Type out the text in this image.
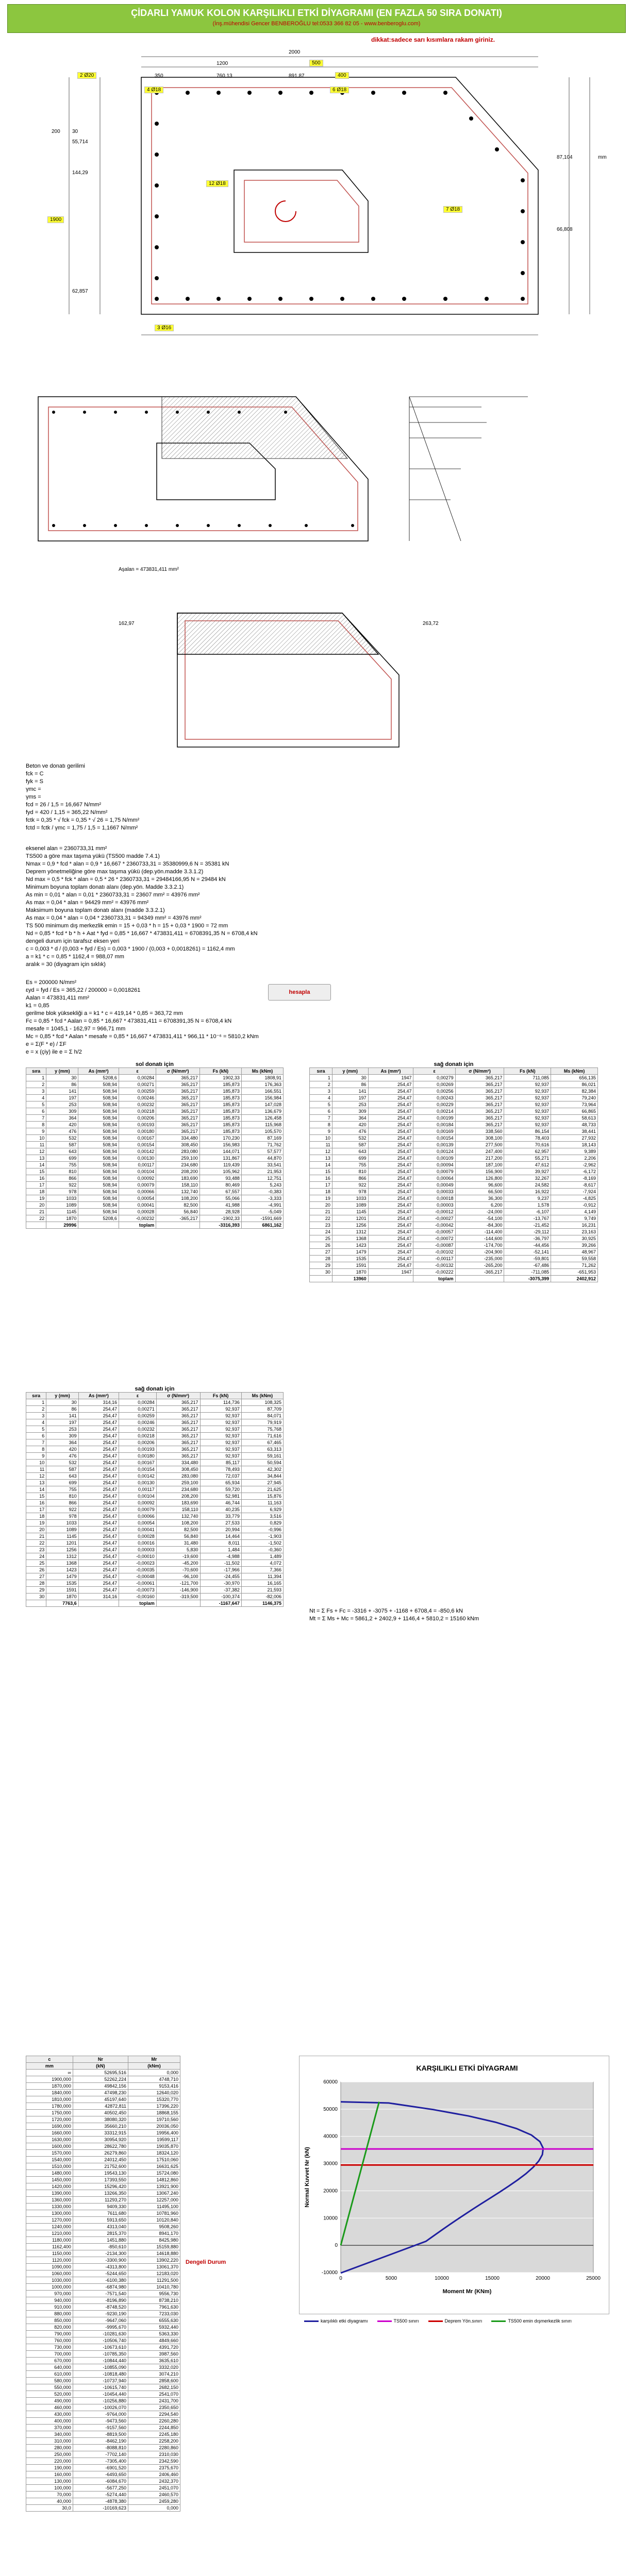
ÇİDARLI YAMUK KOLON KARŞILIKLI ETKİ DİYAGRAMI (EN FAZLA 50 SIRA DONATI)
(İnş.mühendisi Gencer BENBEROĞLU tel:0533 366 82 05 - www.benberoglu.com)
dikkat:sadece sarı kısımlara rakam giriniz.
2000
1200	500
350	760,13	891,87	400
2 Ø20
4 Ø18	6 Ø18
12 Ø18
7 Ø18
3 Ø16
200
1900
30
55,714
144,29
62,857
87,104
66,808
mm
Aşalan = 473831,411 mm²
162,97	263,72
Beton ve donatı gerilimi
fck = C
fyk = S
γmc =
γms =
fcd = 26 / 1,5 = 16,667 N/mm²
fyd = 420 / 1,15 = 365,22 N/mm²
fctk = 0,35 * √ fck = 0,35 * √ 26 = 1,75 N/mm²
fctd = fctk / γmc = 1,75 / 1,5 = 1,1667 N/mm²
eksenel alan = 2360733,31 mm²
TS500 a göre max taşıma yükü (TS500 madde 7.4.1)
Nmax = 0,9 * fcd * alan = 0,9 * 16,667 * 2360733,31 = 35380999,6 N = 35381 kN
Deprem yönetmeliğine göre max taşıma yükü (dep.yön.madde 3.3.1.2)
Nd max = 0,5 * fck * alan = 0,5 * 26 * 2360733,31 = 29484166,95 N = 29484 kN
Minimum boyuna toplam donatı alanı (dep.yön. Madde 3.3.2.1)
As min = 0,01 * alan = 0,01 * 2360733,31 = 23607 mm² = 43976 mm²
As max = 0,04 * alan = 94429 mm² = 43976 mm²
Maksimum boyuna toplam donatı alanı (madde 3.3.2.1)
As max = 0,04 * alan = 0,04 * 2360733,31 = 94349 mm² = 43976 mm²
TS 500 minimum dış merkezlik emin = 15 + 0,03 * h = 15 + 0,03 * 1900 = 72 mm
Nd = 0,85 * fcd * b * h + Aat * fyd = 0,85 * 16,667 * 473831,411 = 6708391,35 N = 6708,4 kN
dengeli durum için tarafsız eksen yeri
c = 0,003 * d / (0,003 + fyd / Es) = 0,003 * 1900 / (0,003 + 0,0018261) = 1162,4 mm
a = k1 * c = 0,85 * 1162,4 = 988,07 mm
aralık = 30 (diyagram için sıklık)
Es = 200000 N/mm²
εyd = fyd / Es = 365,22 / 200000 = 0,0018261
Aalan = 473831,411 mm²
k1 = 0,85
gerilme blok yüksekliği a = k1 * c = 419,14 * 0,85 = 363,72 mm
Fc = 0,85 * fcd * Aalan = 0,85 * 16,667 * 473831,411 = 6708391,35 N = 6708,4 kN
mesafe = 1045,1 - 162,97 = 966,71 mm
Mc = 0,85 * fcd * Aalan * mesafe = 0,85 * 16,667 * 473831,411 * 966,11 * 10⁻⁶ = 5810,2 kNm
e = Σ(F * e) / ΣF
e = x (çiy) ile e = Σ h/2
hesapla
sol donatı için
sıra	y (mm)	As (mm²)	ε	σ (N/mm²)	Fs (kN)	Ms (kNm)
1	30	5208,6	0,00284	365,217	1902,33	1808,91
2	86	508,94	0,00271	365,217	185,873	176,363
3	141	508,94	0,00259	365,217	185,873	166,551
4	197	508,94	0,00246	365,217	185,873	156,984
5	253	508,94	0,00232	365,217	185,873	147,028
6	309	508,94	0,00218	365,217	185,873	136,679
7	364	508,94	0,00206	365,217	185,873	126,458
8	420	508,94	0,00193	365,217	185,873	115,968
9	476	508,94	0,00180	365,217	185,873	105,570
10	532	508,94	0,00167	334,480	170,230	87,169
11	587	508,94	0,00154	308,450	156,983	71,762
12	643	508,94	0,00142	283,080	144,071	57,577
13	699	508,94	0,00130	259,100	131,867	44,870
14	755	508,94	0,00117	234,680	119,439	33,541
15	810	508,94	0,00104	208,200	105,962	21,953
16	866	508,94	0,00092	183,690	93,488	12,751
17	922	508,94	0,00079	158,110	80,469	5,243
18	978	508,94	0,00066	132,740	67,557	-0,383
19	1033	508,94	0,00054	108,200	55,066	-3,333
20	1089	508,94	0,00041	82,500	41,988	-4,991
21	1145	508,94	0,00028	56,840	28,928	-5,049
22	1870	5208,6	-0,00232	-365,217	-1902,33	-1591,669
	29996		toplam		-3316,393	6861,162
sağ donatı için
sıra	y (mm)	As (mm²)	ε	σ (N/mm²)	Fs (kN)	Ms (kNm)
1	30	1947	0,00279	365,217	711,085	656,135
2	86	254,47	0,00269	365,217	92,937	86,021
3	141	254,47	0,00256	365,217	92,937	82,384
4	197	254,47	0,00243	365,217	92,937	79,240
5	253	254,47	0,00229	365,217	92,937	73,964
6	309	254,47	0,00214	365,217	92,937	66,865
7	364	254,47	0,00199	365,217	92,937	58,613
8	420	254,47	0,00184	365,217	92,937	48,733
9	476	254,47	0,00169	338,560	86,154	38,441
10	532	254,47	0,00154	308,100	78,403	27,932
11	587	254,47	0,00139	277,500	70,616	18,143
12	643	254,47	0,00124	247,400	62,957	9,389
13	699	254,47	0,00109	217,200	55,271	2,206
14	755	254,47	0,00094	187,100	47,612	-2,962
15	810	254,47	0,00079	156,900	39,927	-6,172
16	866	254,47	0,00064	126,800	32,267	-8,169
17	922	254,47	0,00049	96,600	24,582	-8,617
18	978	254,47	0,00033	66,500	16,922	-7,924
19	1033	254,47	0,00018	36,300	9,237	-4,825
20	1089	254,47	0,00003	6,200	1,578	-0,912
21	1145	254,47	-0,00012	-24,000	-6,107	4,149
22	1201	254,47	-0,00027	-54,100	-13,767	9,749
23	1256	254,47	-0,00042	-84,300	-21,452	16,231
24	1312	254,47	-0,00057	-114,400	-29,112	23,163
25	1368	254,47	-0,00072	-144,600	-36,797	30,925
26	1423	254,47	-0,00087	-174,700	-44,456	39,266
27	1479	254,47	-0,00102	-204,900	-52,141	48,967
28	1535	254,47	-0,00117	-235,000	-59,801	59,558
29	1591	254,47	-0,00132	-265,200	-67,486	71,262
30	1870	1947	-0,00222	-365,217	-711,085	-651,953
	13960		toplam		-3075,399	2402,912
sağ donatı için
sıra	y (mm)	As (mm²)	ε	σ (N/mm²)	Fs (kN)	Ms (kNm)
1	30	314,16	0,00284	365,217	114,736	108,325
2	86	254,47	0,00271	365,217	92,937	87,709
3	141	254,47	0,00259	365,217	92,937	84,071
4	197	254,47	0,00246	365,217	92,937	79,919
5	253	254,47	0,00232	365,217	92,937	75,768
6	309	254,47	0,00218	365,217	92,937	71,616
7	364	254,47	0,00206	365,217	92,937	67,465
8	420	254,47	0,00193	365,217	92,937	63,313
9	476	254,47	0,00180	365,217	92,937	59,161
10	532	254,47	0,00167	334,480	85,117	50,594
11	587	254,47	0,00154	308,450	78,493	42,302
12	643	254,47	0,00142	283,080	72,037	34,844
13	699	254,47	0,00130	259,100	65,934	27,945
14	755	254,47	0,00117	234,680	59,720	21,625
15	810	254,47	0,00104	208,200	52,981	15,876
16	866	254,47	0,00092	183,690	46,744	11,163
17	922	254,47	0,00079	158,110	40,235	6,929
18	978	254,47	0,00066	132,740	33,779	3,516
19	1033	254,47	0,00054	108,200	27,533	0,829
20	1089	254,47	0,00041	82,500	20,994	-0,996
21	1145	254,47	0,00028	56,840	14,464	-1,903
22	1201	254,47	0,00016	31,480	8,011	-1,502
23	1256	254,47	0,00003	5,830	1,484	-0,360
24	1312	254,47	-0,00010	-19,600	-4,988	1,489
25	1368	254,47	-0,00023	-45,200	-11,502	4,072
26	1423	254,47	-0,00035	-70,600	-17,966	7,366
27	1479	254,47	-0,00048	-96,100	-24,455	11,394
28	1535	254,47	-0,00061	-121,700	-30,970	16,165
29	1591	254,47	-0,00073	-146,900	-37,382	21,593
30	1870	314,16	-0,00160	-319,500	-100,374	-82,006
	7763,6		toplam		-1167,647	1146,375
Nt = Σ Fs + Fc = -3316 + -3075 + -1168 + 6708,4 = -850,6 kN
Mt = Σ Ms + Mc = 5861,2 + 2402,9 + 1146,4 + 5810,2 = 15160 kNm
c	Nr	Mr
mm	(kN)	(kNm)
∞	52695,516	0,000
1900,000	52262,224	4748,710
1870,000	49842,156	9153,416
1840,000	47498,230	12640,020
1810,000	45197,640	15320,770
1780,000	42872,811	17396,220
1750,000	40502,450	18868,155
1720,000	38080,320	19710,560
1690,000	35660,210	20036,050
1660,000	33312,915	19956,400
1630,000	30954,920	19599,117
1600,000	28622,780	19035,870
1570,000	26279,860	18324,120
1540,000	24012,450	17510,060
1510,000	21752,600	16631,625
1480,000	19543,130	15724,080
1450,000	17393,550	14812,860
1420,000	15296,420	13921,900
1390,000	13266,350	13067,240
1360,000	11293,270	12257,000
1330,000	9409,330	11495,100
1300,000	7611,680	10781,960
1270,000	5913,650	10120,840
1240,000	4313,040	9508,260
1210,000	2815,370	8941,170
1180,000	1451,880	8425,980
1162,400	-850,610	15159,880
1150,000	-2134,300	14618,880
1120,000	-3300,900	13902,220
1090,000	-4313,800	13061,370
1060,000	-5244,650	12183,020
1030,000	-6100,380	11291,500
1000,000	-6874,980	10410,780
970,000	-7571,540	9556,730
940,000	-8196,890	8738,210
910,000	-8748,520	7961,630
880,000	-9230,190	7233,030
850,000	-9647,060	6555,630
820,000	-9995,670	5932,440
790,000	-10281,630	5363,330
760,000	-10506,740	4849,660
730,000	-10673,610	4391,720
700,000	-10785,350	3987,560
670,000	-10844,440	3635,610
640,000	-10855,090	3332,020
610,000	-10818,480	3074,210
580,000	-10737,940	2858,600
550,000	-10615,740	2682,150
520,000	-10454,440	2541,070
490,000	-10256,880	2431,700
460,000	-10026,070	2350,650
430,000	-9764,000	2294,540
400,000	-9473,560	2260,280
370,000	-9157,560	2244,850
340,000	-8819,500	2245,180
310,000	-8462,190	2258,200
280,000	-8088,810	2280,860
250,000	-7702,140	2310,030
220,000	-7305,400	2342,590
190,000	-6901,520	2375,670
160,000	-6493,650	2406,460
130,000	-6084,670	2432,370
100,000	-5677,250	2451,070
70,000	-5274,440	2460,570
40,000	-4878,380	2459,280
30,0	-10169,623	0,000
Dengeli Durum
-10000
0
10000
20000
30000
40000
50000
60000
0	5000	10000	15000	20000	25000
KARŞILIKLI ETKİ DİYAGRAMI
Moment Mr (KNm)
Normal Kuvvet Nr (kN)
karşılıklı etki diyagramı	TS500 sınırı	Deprem Yön.sınırı	TS500 emin dışmerkezlik sınırı
